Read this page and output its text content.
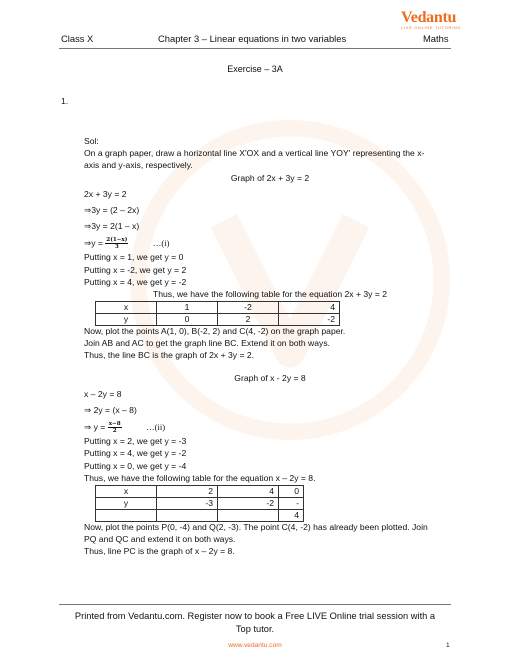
Class X	Chapter 3 – Linear equations in two variables	Maths
Vedantu
LIVE ONLINE TUTORING
Exercise – 3A
1.
Sol:
On a graph paper, draw a horizontal line X'OX and a vertical line YOY' representing the x-
axis and y-axis, respectively.
Graph of 2x + 3y = 2
2x + 3y = 2
⇒3y = (2 – 2x)
⇒3y = 2(1 – x)
⇒y = $\frac{2(1-x)}{3}$	…(i)
Putting x = 1, we get y = 0
Putting x = -2, we get y = 2
Putting x = 4, we get y = -2
Thus, we have the following table for the equation 2x + 3y = 2
x	1	-2	4
y	0	2	-2
Now, plot the points A(1, 0), B(-2, 2) and C(4, -2) on the graph paper.
Join AB and AC to get the graph line BC. Extend it on both ways.
Thus, the line BC is the graph of 2x + 3y = 2.
Graph of x - 2y = 8
x – 2y = 8
⇒ 2y = (x – 8)
⇒ $y = \frac{x-8}{2}$	…(ii)
Putting x = 2, we get y = -3
Putting x = 4, we get y = -2
Putting x = 0, we get y = -4
Thus, we have the following table for the equation x – 2y = 8.
x	2	4	0
y	-3	-2	-
			4
Now, plot the points P(0, -4) and Q(2, -3). The point C(4, -2) has already been plotted. Join
PQ and QC and extend it on both ways.
Thus, line PC is the graph of x – 2y = 8.
Printed from Vedantu.com. Register now to book a Free LIVE Online trial session with a
Top tutor.
www.vedantu.com	1
